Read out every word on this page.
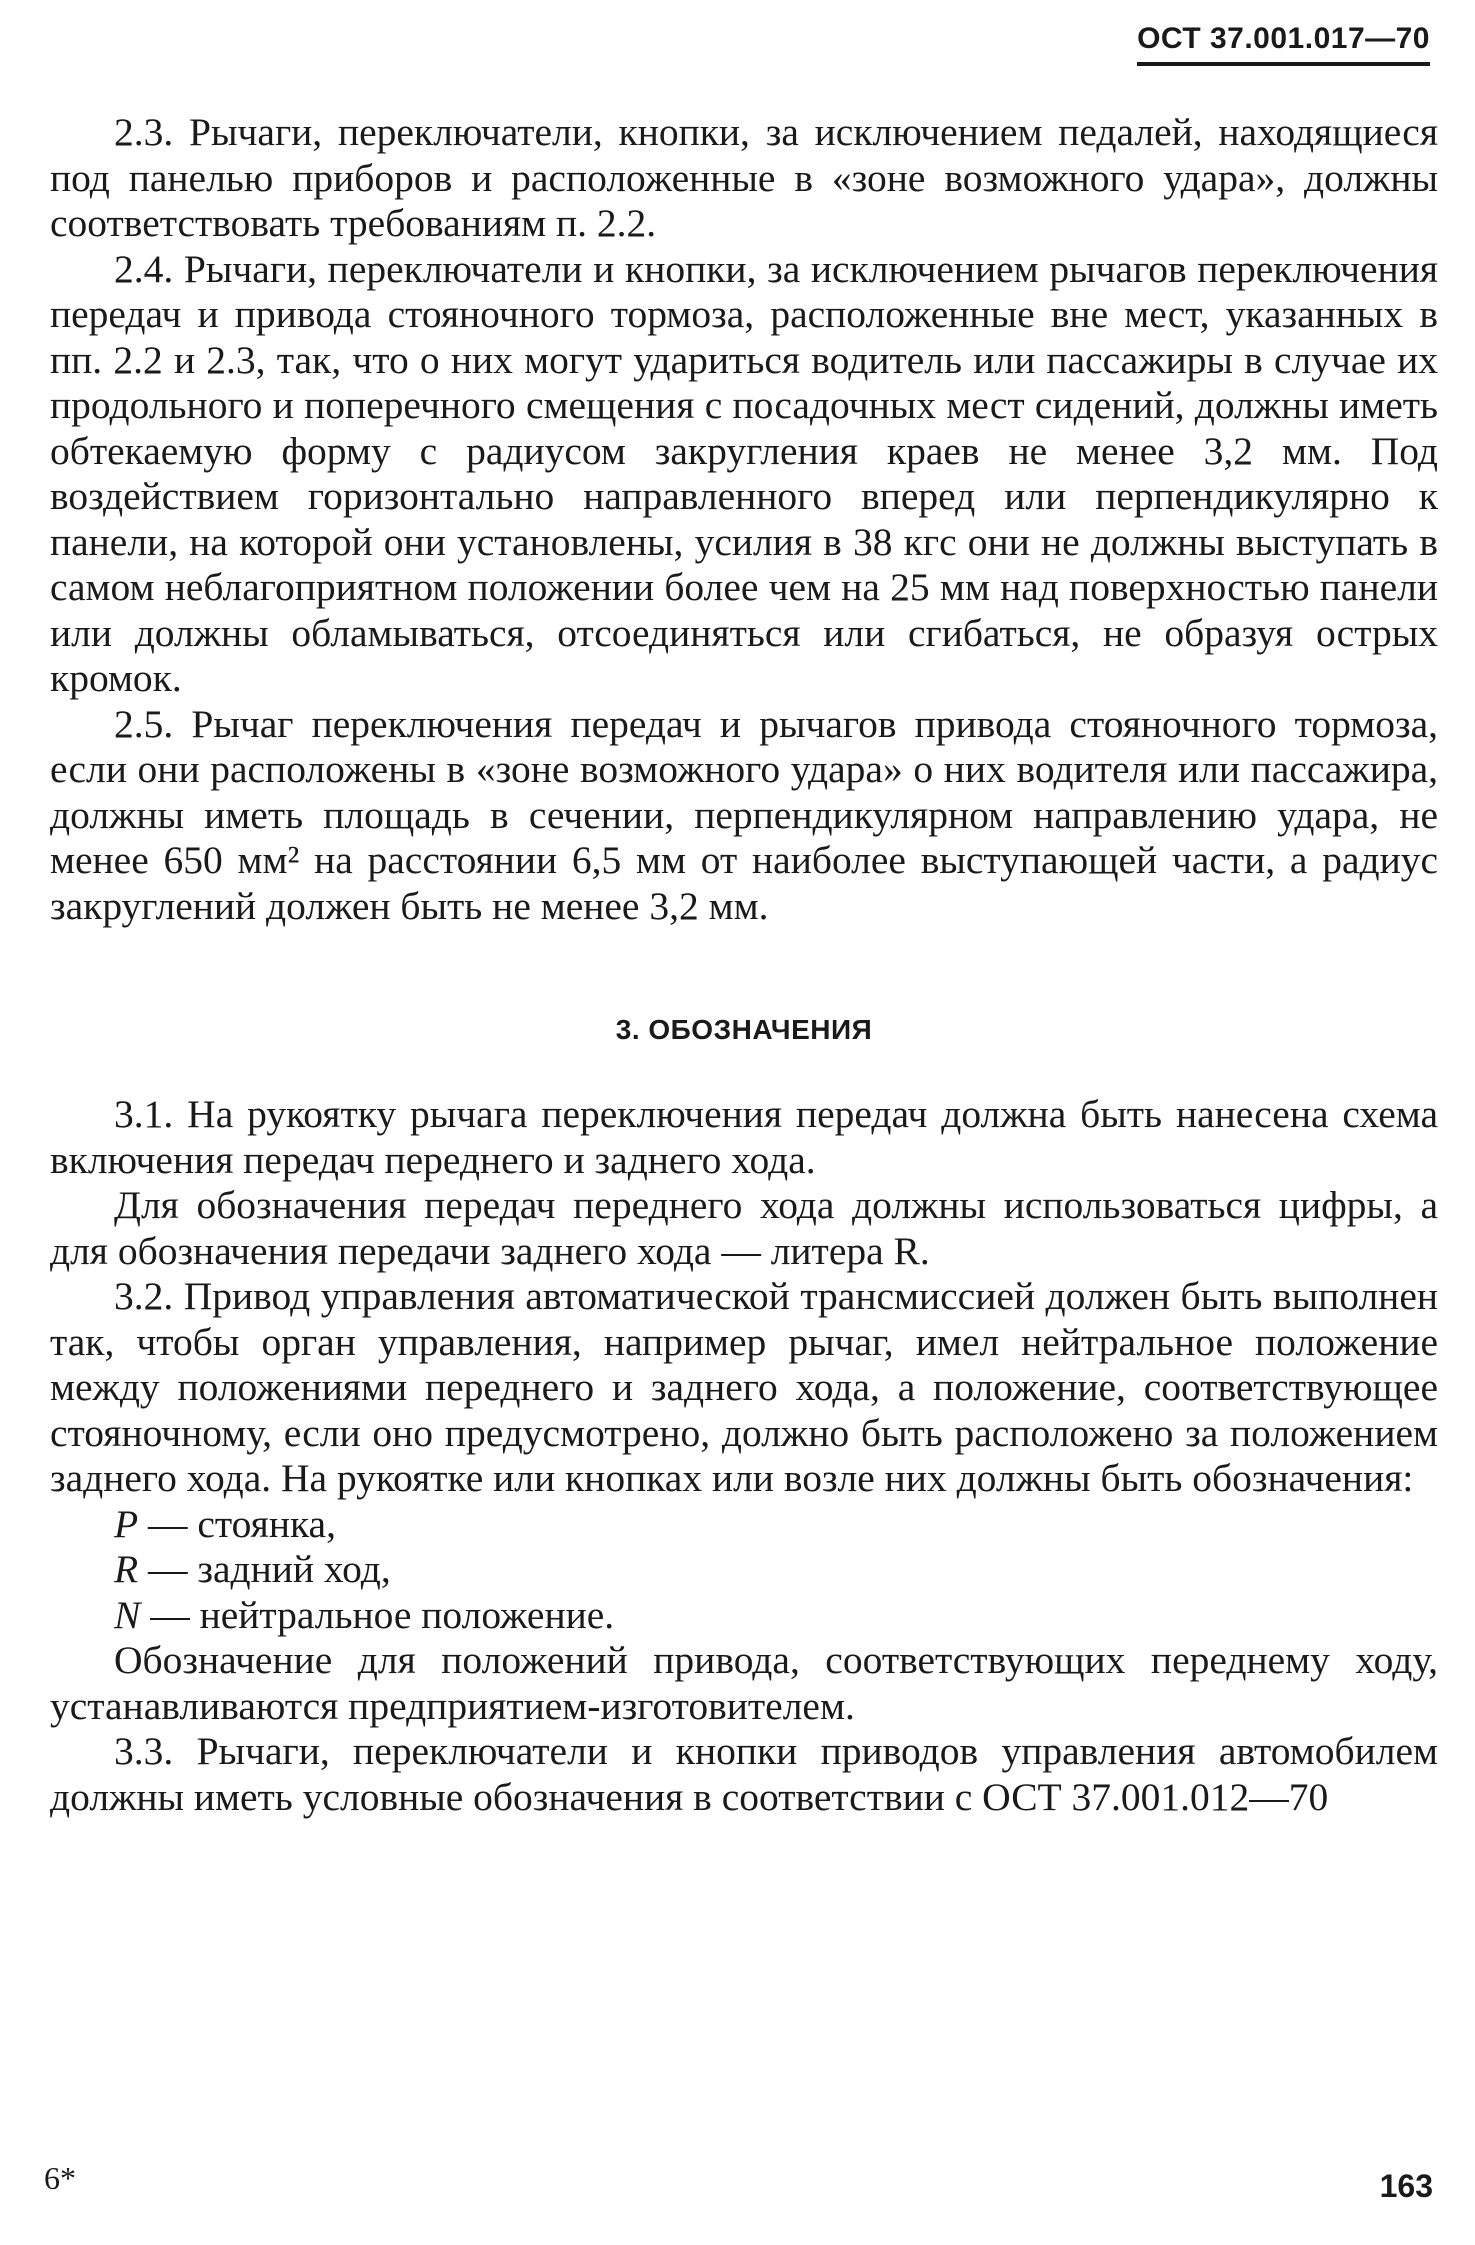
ОСТ 37.001.017—70

2.3. Рычаги, переключатели, кнопки, за исключением педалей, находящиеся под панелью приборов и расположенные в «зоне возможного удара», должны соответствовать требованиям п. 2.2.

2.4. Рычаги, переключатели и кнопки, за исключением рычагов переключения передач и привода стояночного тормоза, расположенные вне мест, указанных в пп. 2.2 и 2.3, так, что о них могут удариться водитель или пассажиры в случае их продольного и поперечного смещения с посадочных мест сидений, должны иметь обтекаемую форму с радиусом закругления краев не менее 3,2 мм. Под воздействием горизонтально направленного вперед или перпендикулярно к панели, на которой они установлены, усилия в 38 кгс они не должны выступать в самом неблагоприятном положении более чем на 25 мм над поверхностью панели или должны обламываться, отсоединяться или сгибаться, не образуя острых кромок.

2.5. Рычаг переключения передач и рычагов привода стояночного тормоза, если они расположены в «зоне возможного удара» о них водителя или пассажира, должны иметь площадь в сечении, перпендикулярном направлению удара, не менее 650 мм² на расстоянии 6,5 мм от наиболее выступающей части, а радиус закруглений должен быть не менее 3,2 мм.

3. ОБОЗНАЧЕНИЯ

3.1. На рукоятку рычага переключения передач должна быть нанесена схема включения передач переднего и заднего хода.

Для обозначения передач переднего хода должны использоваться цифры, а для обозначения передачи заднего хода — литера R.

3.2. Привод управления автоматической трансмиссией должен быть выполнен так, чтобы орган управления, например рычаг, имел нейтральное положение между положениями переднего и заднего хода, а положение, соответствующее стояночному, если оно предусмотрено, должно быть расположено за положением заднего хода. На рукоятке или кнопках или возле них должны быть обозначения:

P — стоянка,

R — задний ход,

N — нейтральное положение.

Обозначение для положений привода, соответствующих переднему ходу, устанавливаются предприятием-изготовителем.

3.3. Рычаги, переключатели и кнопки приводов управления автомобилем должны иметь условные обозначения в соответствии с ОСТ 37.001.012—70

6*	163
